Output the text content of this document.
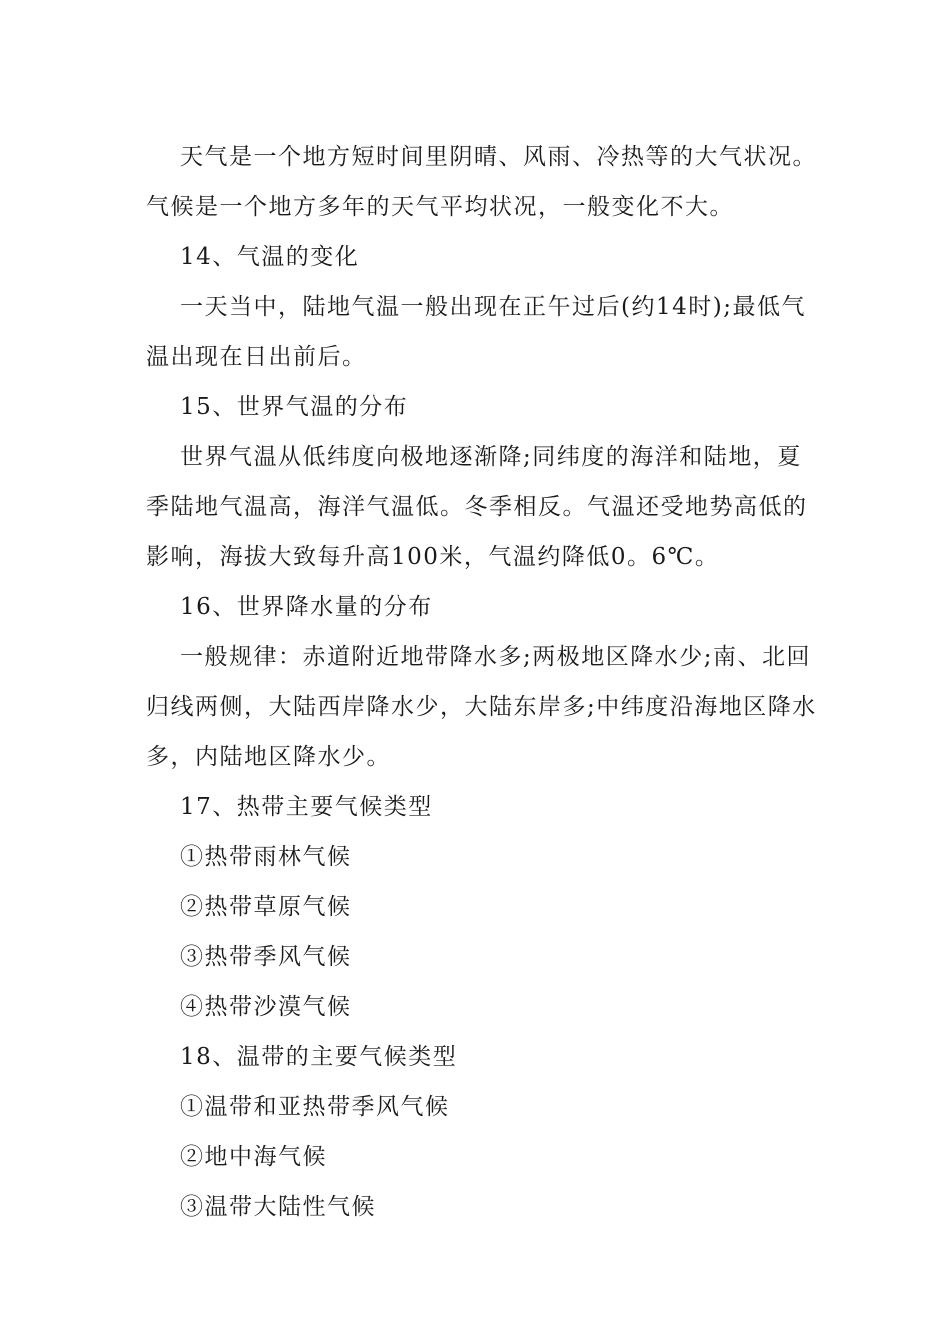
天气是一个地方短时间里阴晴、风雨、冷热等的大气状况。
气候是一个地方多年的天气平均状况，一般变化不大。
14、气温的变化
一天当中，陆地气温一般出现在正午过后(约14时);最低气
温出现在日出前后。
15、世界气温的分布
世界气温从低纬度向极地逐渐降;同纬度的海洋和陆地，夏
季陆地气温高，海洋气温低。冬季相反。气温还受地势高低的
影响，海拔大致每升高100米，气温约降低0。6℃。
16、世界降水量的分布
一般规律：赤道附近地带降水多;两极地区降水少;南、北回
归线两侧，大陆西岸降水少，大陆东岸多;中纬度沿海地区降水
多，内陆地区降水少。
17、热带主要气候类型
①热带雨林气候
②热带草原气候
③热带季风气候
④热带沙漠气候
18、温带的主要气候类型
①温带和亚热带季风气候
②地中海气候
③温带大陆性气候
